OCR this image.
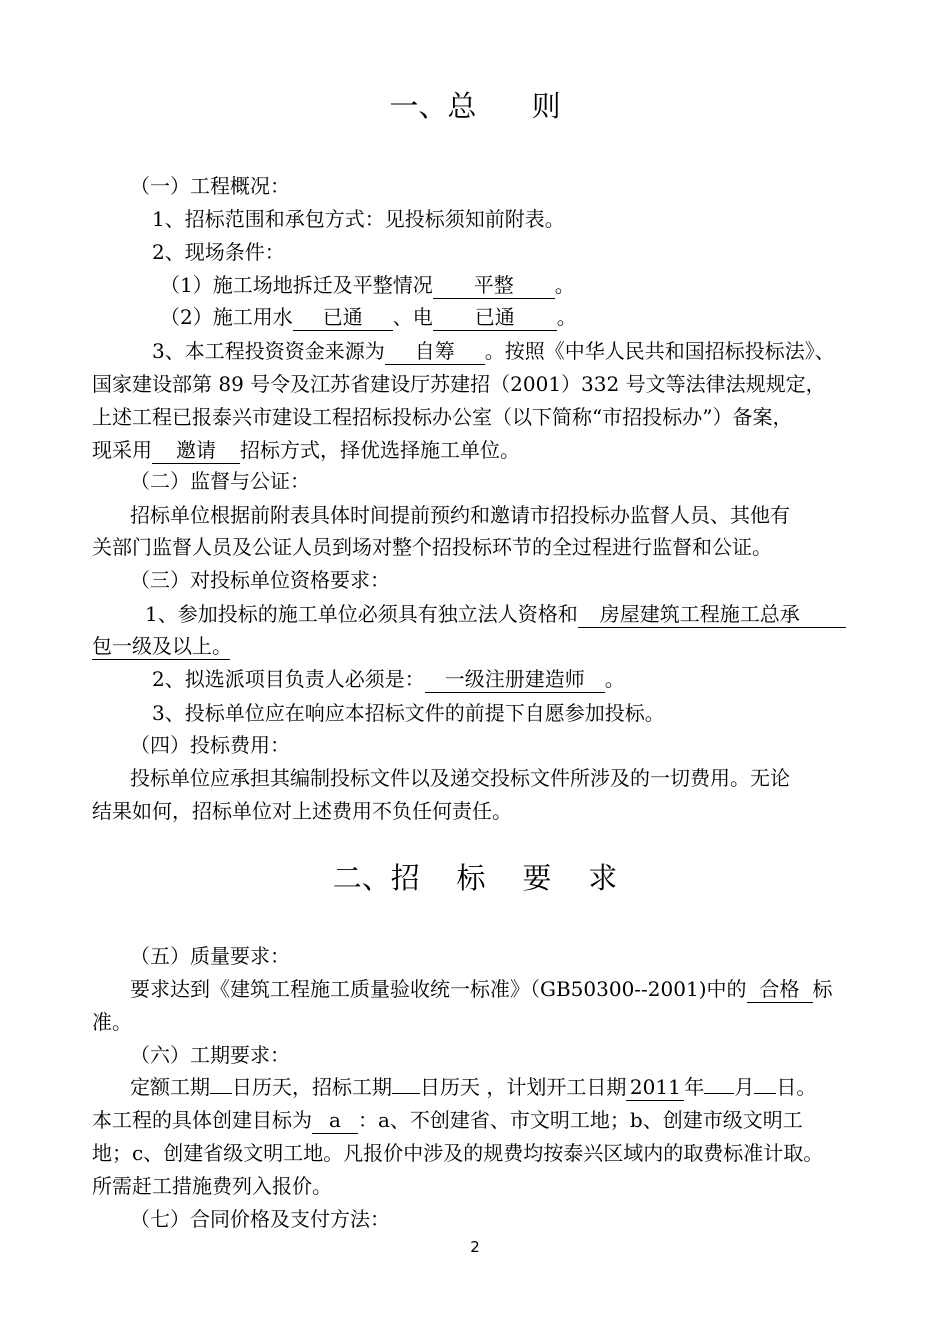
一、总      则
（一）工程概况：
1、招标范围和承包方式：见投标须知前附表。
2、现场条件：
（1）施工场地拆迁及平整情况 平整 。
（2）施工用水 已通 、电 已通 。
3、本工程投资资金来源为 自筹 。按照《中华人民共和国招标投标法》、
国家建设部第 89 号令及江苏省建设厅苏建招（2001）332 号文等法律法规规定，
上述工程已报泰兴市建设工程招标投标办公室（以下简称“市招投标办”）备案，
现采用 邀请 招标方式，择优选择施工单位。
（二）监督与公证：
招标单位根据前附表具体时间提前预约和邀请市招投标办监督人员、其他有
关部门监督人员及公证人员到场对整个招投标环节的全过程进行监督和公证。
（三）对投标单位资格要求：
1、参加投标的施工单位必须具有独立法人资格和 房屋建筑工程施工总承
包一级及以上。
2、拟选派项目负责人必须是： 一级注册建造师 。
3、投标单位应在响应本招标文件的前提下自愿参加投标。
（四）投标费用：
投标单位应承担其编制投标文件以及递交投标文件所涉及的一切费用。无论
结果如何，招标单位对上述费用不负任何责任。
二、招    标    要    求
（五）质量要求：
要求达到《建筑工程施工质量验收统一标准》（GB50300--2001)中的 合格 标
准。
（六）工期要求：
定额工期 日历天，招标工期 日历天 ，计划开工日期 2011 年 月 日。
本工程的具体创建目标为 a ：a、不创建省、市文明工地；b、创建市级文明工
地；c、创建省级文明工地。凡报价中涉及的规费均按泰兴区域内的取费标准计取。
所需赶工措施费列入报价。
（七）合同价格及支付方法：
2
